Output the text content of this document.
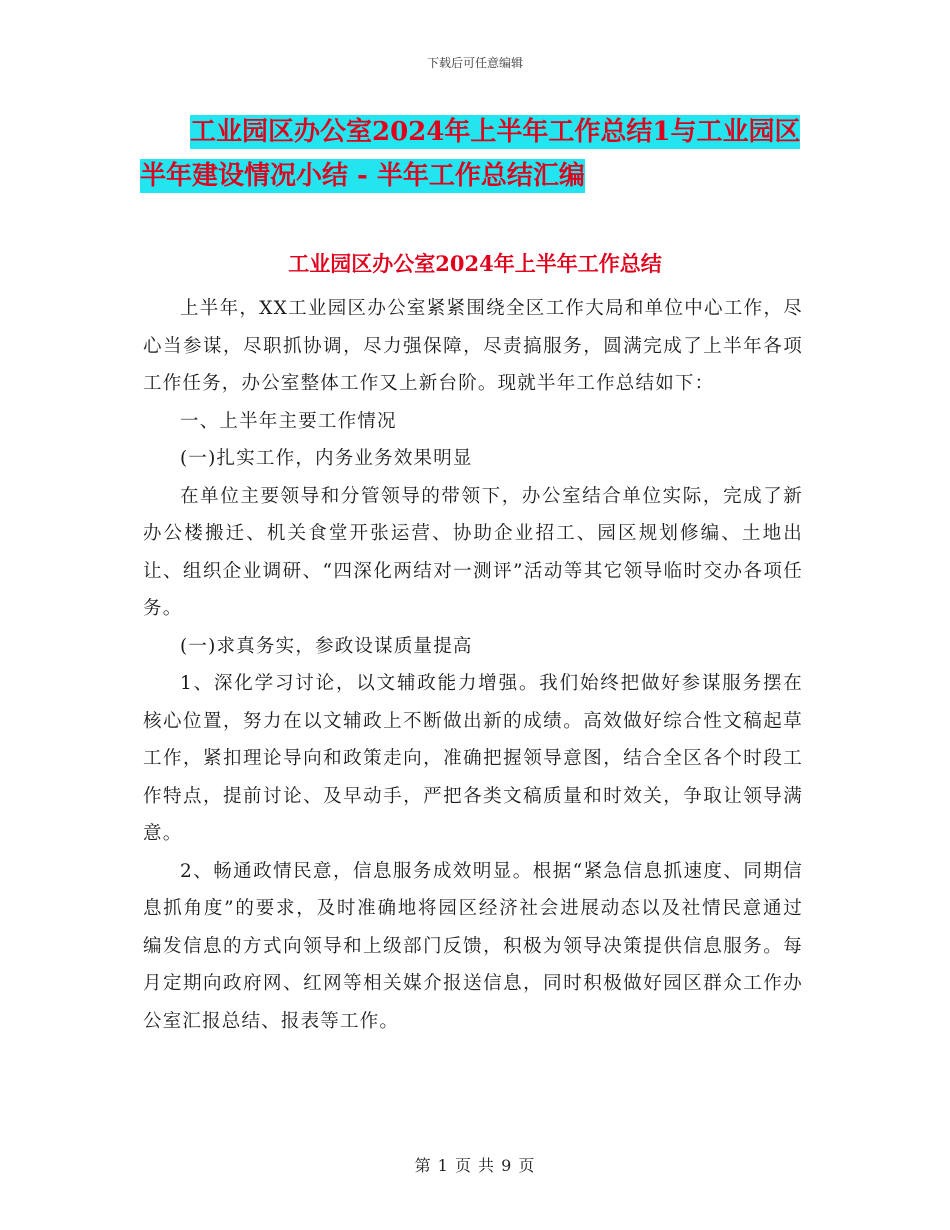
下载后可任意编辑
工业园区办公室2024年上半年工作总结1与工业园区
半年建设情况小结 - 半年工作总结汇编
工业园区办公室2024年上半年工作总结

上半年，XX工业园区办公室紧紧围绕全区工作大局和单位中心工作，尽心当参谋，尽职抓协调，尽力强保障，尽责搞服务，圆满完成了上半年各项工作任务，办公室整体工作又上新台阶。现就半年工作总结如下：

一、上半年主要工作情况

(一)扎实工作，内务业务效果明显

在单位主要领导和分管领导的带领下，办公室结合单位实际，完成了新办公楼搬迁、机关食堂开张运营、协助企业招工、园区规划修编、土地出让、组织企业调研、“四深化两结对一测评”活动等其它领导临时交办各项任务。

(一)求真务实，参政设谋质量提高

1、深化学习讨论，以文辅政能力增强。我们始终把做好参谋服务摆在核心位置，努力在以文辅政上不断做出新的成绩。高效做好综合性文稿起草工作，紧扣理论导向和政策走向，准确把握领导意图，结合全区各个时段工作特点，提前讨论、及早动手，严把各类文稿质量和时效关，争取让领导满意。

2、畅通政情民意，信息服务成效明显。根据“紧急信息抓速度、同期信息抓角度”的要求，及时准确地将园区经济社会进展动态以及社情民意通过编发信息的方式向领导和上级部门反馈，积极为领导决策提供信息服务。每月定期向政府网、红网等相关媒介报送信息，同时积极做好园区群众工作办公室汇报总结、报表等工作。

第 1 页 共 9 页
